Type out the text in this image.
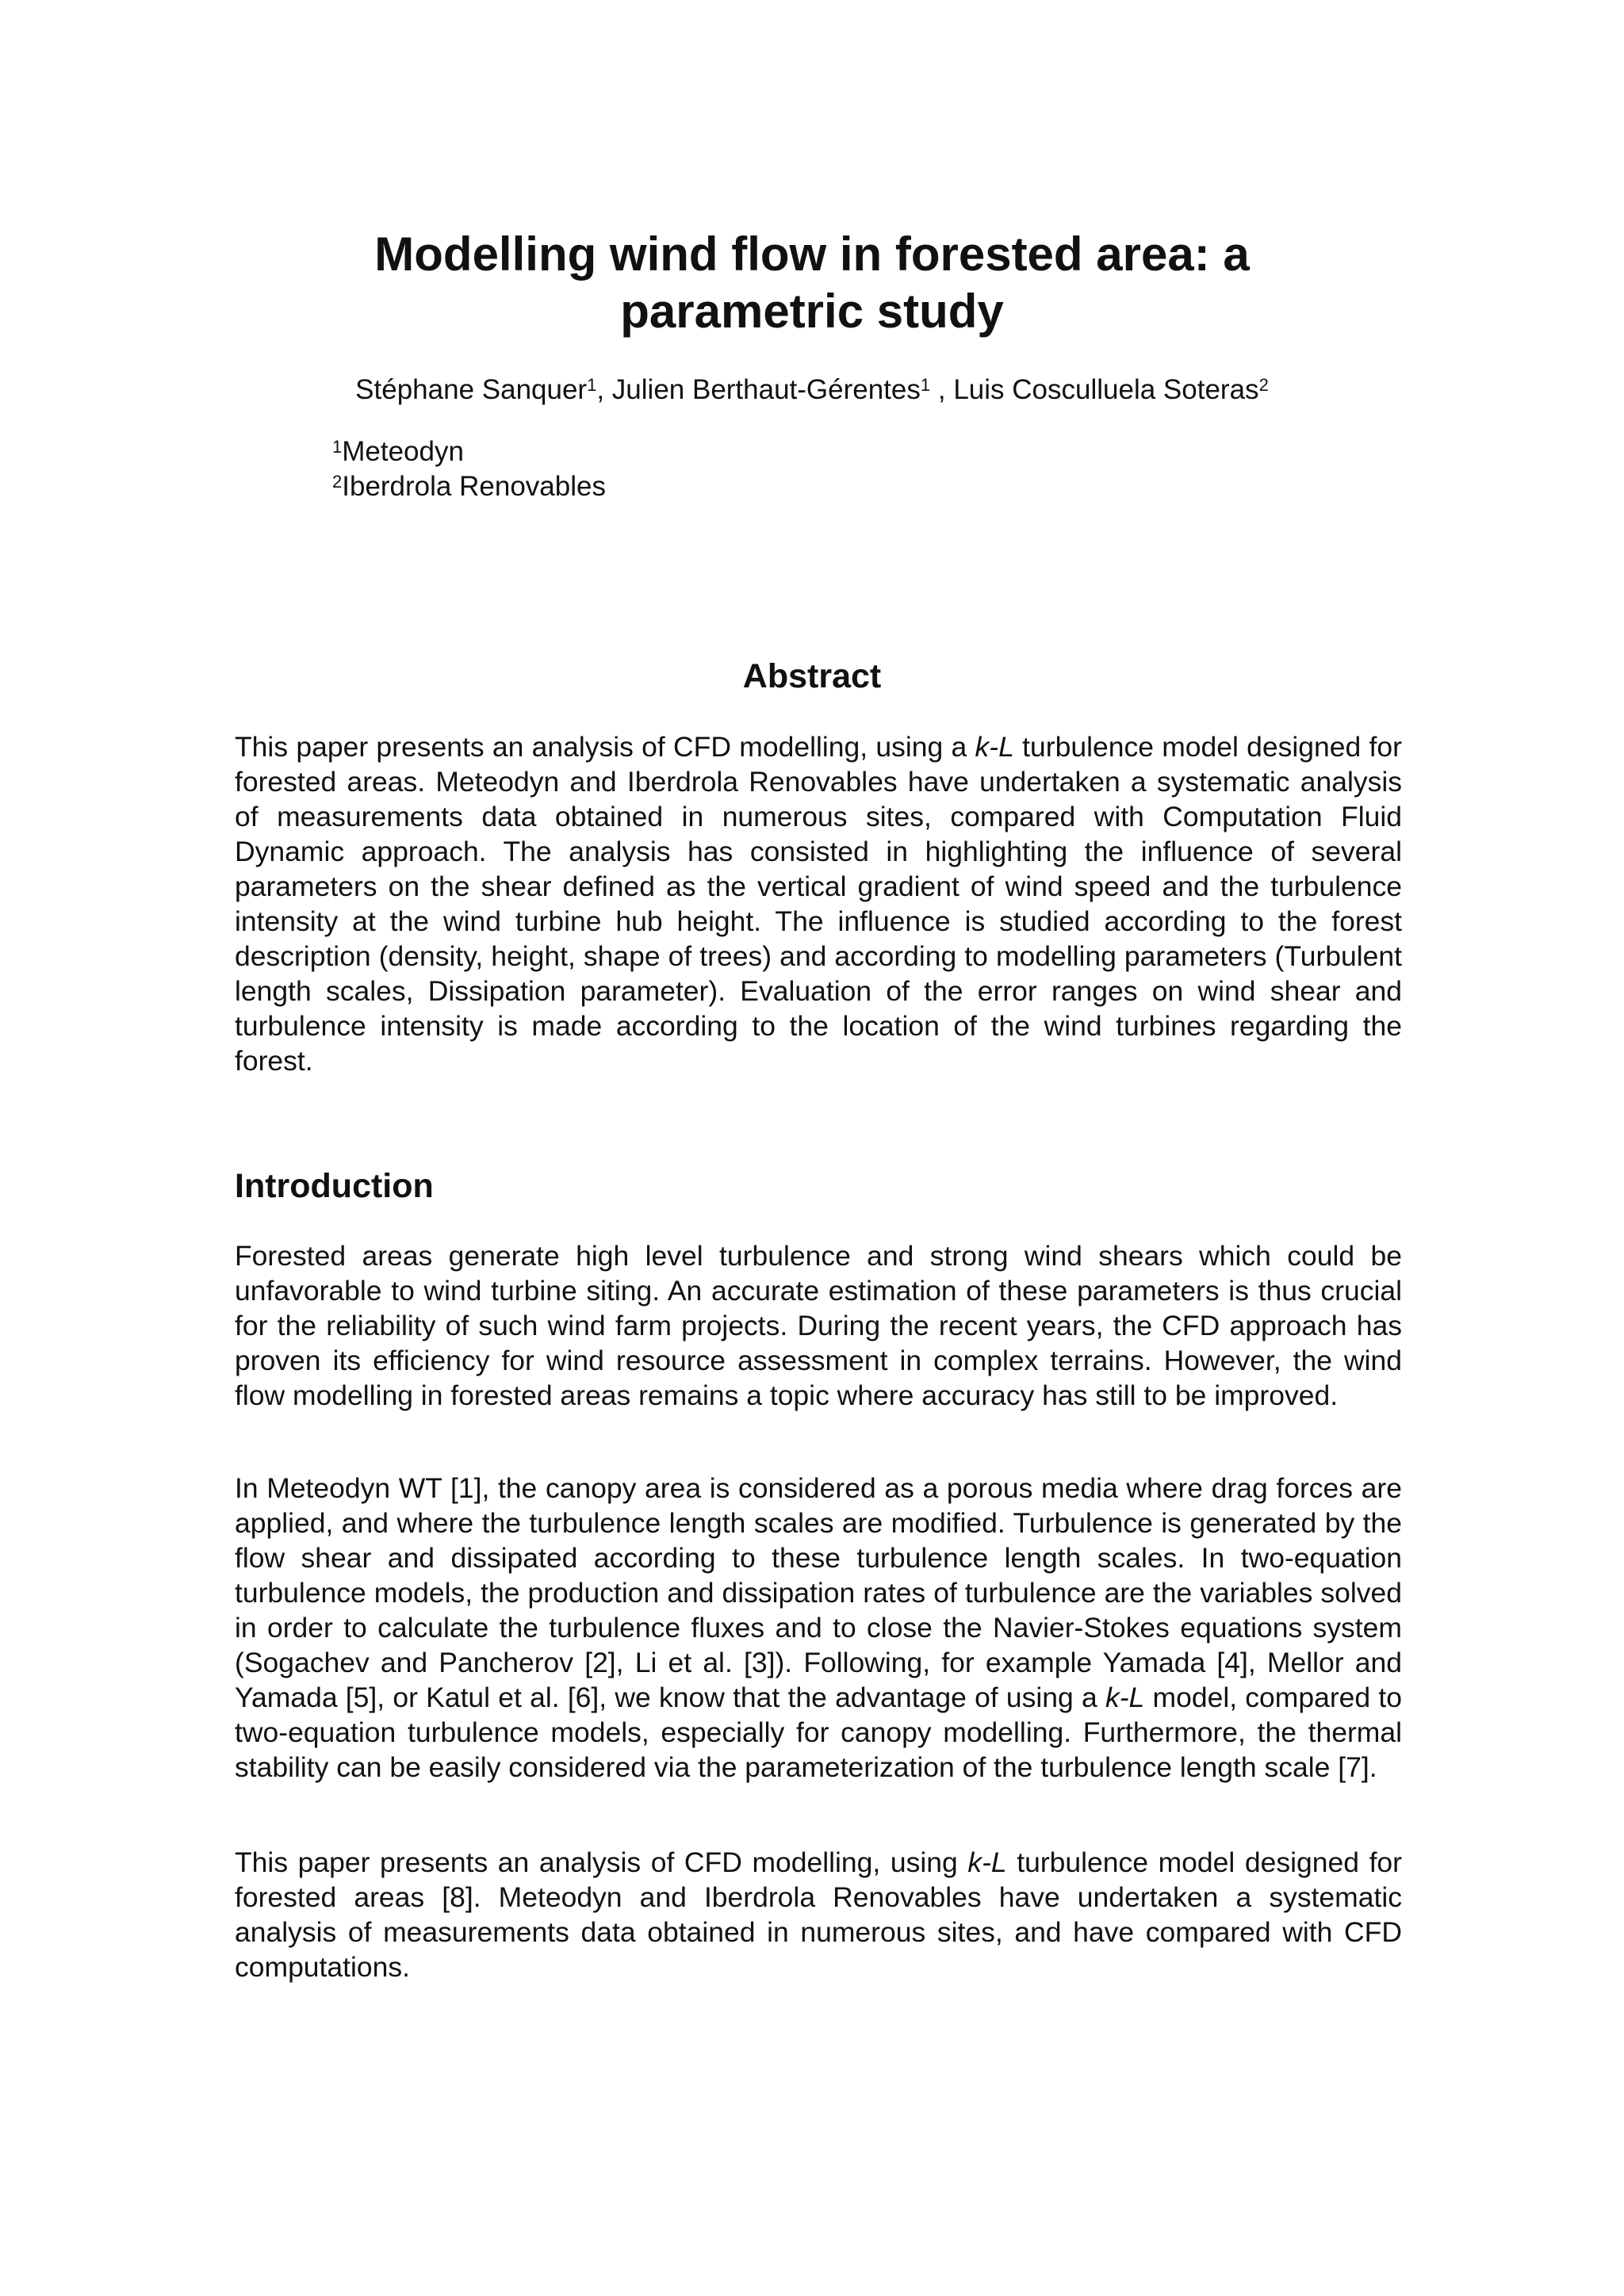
Modelling wind flow in forested area: a
parametric study
Stéphane Sanquer$^1$, Julien Berthaut-Gérentes$^1$ , Luis Cosculluela Soteras$^2$
$^1$Meteodyn
$^2$Iberdrola Renovables
Abstract

This paper presents an analysis of CFD modelling, using a k-L turbulence model designed for forested areas. Meteodyn and Iberdrola Renovables have undertaken a systematic analysis of measurements data obtained in numerous sites, compared with Computation Fluid Dynamic approach. The analysis has consisted in highlighting the influence of several parameters on the shear defined as the vertical gradient of wind speed and the turbulence intensity at the wind turbine hub height. The influence is studied according to the forest description (density, height, shape of trees) and according to modelling parameters (Turbulent length scales, Dissipation parameter). Evaluation of the error ranges on wind shear and turbulence intensity is made according to the location of the wind turbines regarding the forest.

Introduction

Forested areas generate high level turbulence and strong wind shears which could be unfavorable to wind turbine siting. An accurate estimation of these parameters is thus crucial for the reliability of such wind farm projects. During the recent years, the CFD approach has proven its efficiency for wind resource assessment in complex terrains. However, the wind flow modelling in forested areas remains a topic where accuracy has still to be improved.

In Meteodyn WT [1], the canopy area is considered as a porous media where drag forces are applied, and where the turbulence length scales are modified. Turbulence is generated by the flow shear and dissipated according to these turbulence length scales. In two-equation turbulence models, the production and dissipation rates of turbulence are the variables solved in order to calculate the turbulence fluxes and to close the Navier-Stokes equations system (Sogachev and Pancherov [2], Li et al. [3]). Following, for example Yamada [4], Mellor and Yamada [5], or Katul et al. [6], we know that the advantage of using a k-L model, compared to two-equation turbulence models, especially for canopy modelling. Furthermore, the thermal stability can be easily considered via the parameterization of the turbulence length scale [7].

This paper presents an analysis of CFD modelling, using k-L turbulence model designed for forested areas [8]. Meteodyn and Iberdrola Renovables have undertaken a systematic analysis of measurements data obtained in numerous sites, and have compared with CFD computations.
